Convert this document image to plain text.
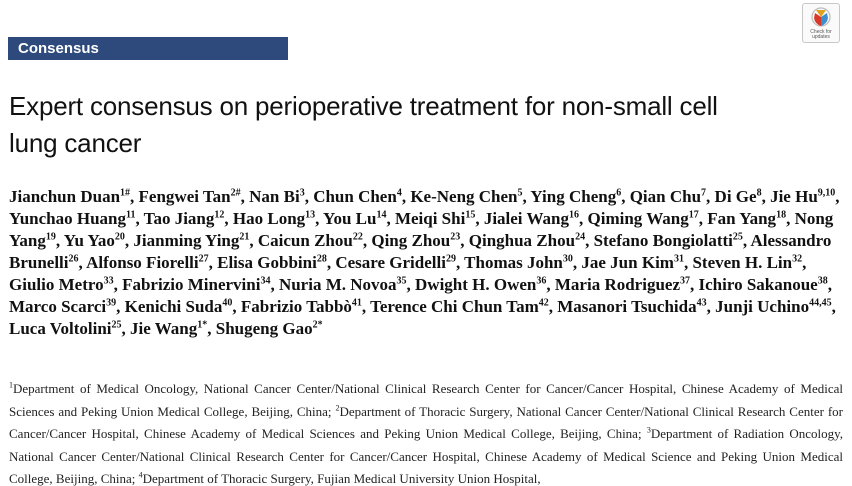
Consensus
Check for
updates
Expert consensus on perioperative treatment for non-small cell
lung cancer
Jianchun Duan$^{1\#}$, Fengwei Tan$^{2\#}$, Nan Bi$^3$, Chun Chen$^4$, Ke-Neng Chen$^5$, Ying Cheng$^6$, Qian Chu$^7$, Di Ge$^8$, Jie Hu$^{9,10}$, Yunchao Huang$^{11}$, Tao Jiang$^{12}$, Hao Long$^{13}$, You Lu$^{14}$, Meiqi Shi$^{15}$, Jialei Wang$^{16}$, Qiming Wang$^{17}$, Fan Yang$^{18}$, Nong Yang$^{19}$, Yu Yao$^{20}$, Jianming Ying$^{21}$, Caicun Zhou$^{22}$, Qing Zhou$^{23}$, Qinghua Zhou$^{24}$, Stefano Bongiolatti$^{25}$, Alessandro Brunelli$^{26}$, Alfonso Fiorelli$^{27}$, Elisa Gobbini$^{28}$, Cesare Gridelli$^{29}$, Thomas John$^{30}$, Jae Jun Kim$^{31}$, Steven H. Lin$^{32}$, Giulio Metro$^{33}$, Fabrizio Minervini$^{34}$, Nuria M. Novoa$^{35}$, Dwight H. Owen$^{36}$, Maria Rodriguez$^{37}$, Ichiro Sakanoue$^{38}$, Marco Scarci$^{39}$, Kenichi Suda$^{40}$, Fabrizio Tabbò$^{41}$, Terence Chi Chun Tam$^{42}$, Masanori Tsuchida$^{43}$, Junji Uchino$^{44,45}$, Luca Voltolini$^{25}$, Jie Wang$^{1*}$, Shugeng Gao$^{2*}$
$^1$Department of Medical Oncology, National Cancer Center/National Clinical Research Center for Cancer/Cancer Hospital, Chinese Academy of Medical Sciences and Peking Union Medical College, Beijing, China; $^2$Department of Thoracic Surgery, National Cancer Center/National Clinical Research Center for Cancer/Cancer Hospital, Chinese Academy of Medical Sciences and Peking Union Medical College, Beijing, China; $^3$Department of Radiation Oncology, National Cancer Center/National Clinical Research Center for Cancer/Cancer Hospital, Chinese Academy of Medical Science and Peking Union Medical College, Beijing, China; $^4$Department of Thoracic Surgery, Fujian Medical University Union Hospital,
